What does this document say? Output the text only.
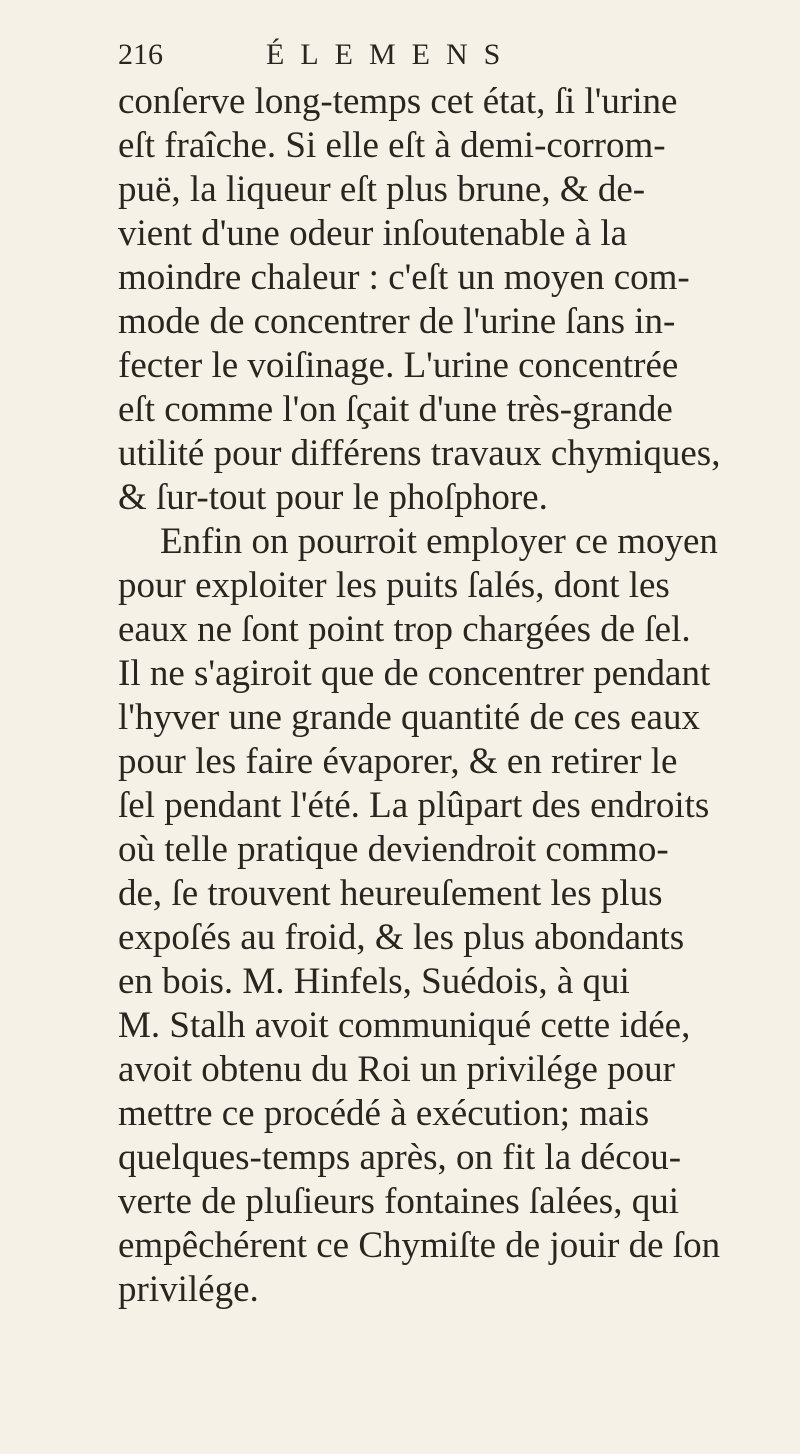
216	ÉLEMENS
conſerve long-temps cet état, ſi l'urine
eſt fraîche. Si elle eſt à demi-corrom-
puë, la liqueur eſt plus brune, & de-
vient d'une odeur inſoutenable à la
moindre chaleur : c'eſt un moyen com-
mode de concentrer de l'urine ſans in-
fecter le voiſinage. L'urine concentrée
eſt comme l'on ſçait d'une très-grande
utilité pour différens travaux chymiques,
& ſur-tout pour le phoſphore.
Enfin on pourroit employer ce moyen
pour exploiter les puits ſalés, dont les
eaux ne ſont point trop chargées de ſel.
Il ne s'agiroit que de concentrer pendant
l'hyver une grande quantité de ces eaux
pour les faire évaporer, & en retirer le
ſel pendant l'été. La plûpart des endroits
où telle pratique deviendroit commo-
de, ſe trouvent heureuſement les plus
expoſés au froid, & les plus abondants
en bois. M. Hinfels, Suédois, à qui
M. Stalh avoit communiqué cette idée,
avoit obtenu du Roi un privilége pour
mettre ce procédé à exécution; mais
quelques-temps après, on fit la décou-
verte de pluſieurs fontaines ſalées, qui
empêchérent ce Chymiſte de jouir de ſon
privilége.
